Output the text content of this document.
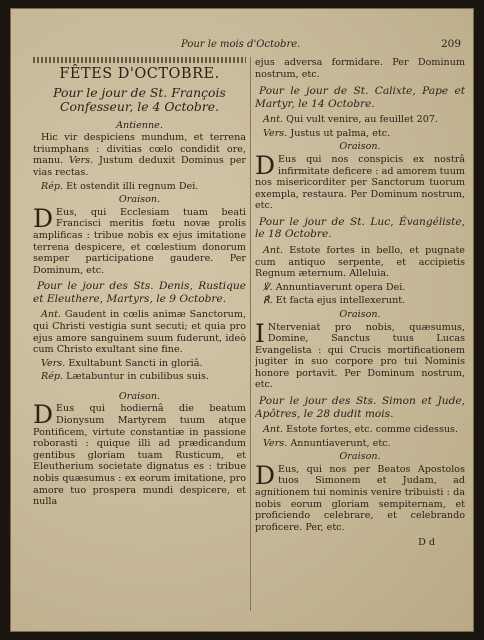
Pour le mois d'Octobre.	209
FÊTES D'OCTOBRE.
Pour le jour de St. François Confesseur, le 4 Octobre.
Antienne.
Hic vir despiciens mundum, et terrena triumphans : divitias cœlo condidit ore, manu. Vers. Justum deduxit Dominus per vias rectas.
Rép. Et ostendit illi regnum Dei.
Oraison.
D Eus, qui Ecclesiam tuam beati Francisci meritis fœtu novæ prolis amplificas : tribue nobis ex ejus imitatione terrena despicere, et cœlestium donorum semper participatione gaudere. Per Dominum, etc.
Pour le jour des Sts. Denis, Rustique et Eleuthere, Martyrs, le 9 Octobre.
Ant. Gaudent in cœlis animæ Sanctorum, qui Christi vestigia sunt secuti; et quia pro ejus amore sanguinem suum fuderunt, ideò cum Christo exultant sine fine.
Vers. Exultabunt Sancti in gloriâ.
Rép. Lætabuntur in cubilibus suis.
Oraison.
D Eus qui hodiernâ die beatum Dionysum Martyrem tuum atque Pontificem, virtute constantiæ in passione roborasti : quique illi ad prædicandum gentibus gloriam tuam Rusticum, et Eleutherium societate dignatus es : tribue nobis quæsumus : ex eorum imitatione, pro amore tuo prospera mundi despicere, et nulla
ejus adversa formidare. Per Dominum nostrum, etc.
Pour le jour de St. Calixte, Pape et Martyr, le 14 Octobre.
Ant. Qui vult venire, au feuillet 207.
Vers. Justus ut palma, etc.
Oraison.
D Eus qui nos conspicis ex nostrâ infirmitate deficere : ad amorem tuum nos misericorditer per Sanctorum tuorum exempla, restaura. Per Dominum nostrum, etc.
Pour le jour de St. Luc, Évangéliste, le 18 Octobre.
Ant. Estote fortes in bello, et pugnate cum antiquo serpente, et accipietis Regnum æternum. Alleluia.
℣. Annuntiaverunt opera Dei.
℟. Et facta ejus intellexerunt.
Oraison.
I Nterveniat pro nobis, quæsumus, Domine, Sanctus tuus Lucas Evangelista : qui Crucis mortificationem jugiter in suo corpore pro tui Nominis honore portavit. Per Dominum nostrum, etc.
Pour le jour des Sts. Simon et Jude, Apôtres, le 28 dudit mois.
Ant. Estote fortes, etc. comme cidessus.
Vers. Annuntiaverunt, etc.
Oraison.
D Eus, qui nos per Beatos Apostolos tuos Simonem et Judam, ad agnitionem tui nominis venire tribuisti : da nobis eorum gloriam sempiternam, et proficiendo celebrare, et celebrando proficere. Per, etc.
D d
